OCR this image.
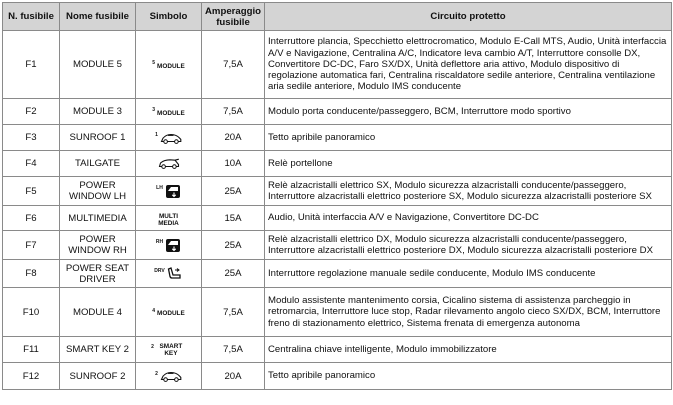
N. fusibile	Nome fusibile	Simbolo	Amperaggio fusibile	Circuito protetto
F1	MODULE 5	5 MODULE	7,5A	Interruttore plancia, Specchietto elettrocromatico, Modulo E-Call MTS, Audio, Unità interfaccia A/V e Navigazione, Centralina A/C, Indicatore leva cambio A/T, Interruttore consolle DX, Convertitore DC-DC, Faro SX/DX, Unità deflettore aria attivo, Modulo dispositivo di regolazione automatica fari, Centralina riscaldatore sedile anteriore, Centralina ventilazione aria sedile anteriore, Modulo IMS conducente
F2	MODULE 3	3 MODULE	7,5A	Modulo porta conducente/passeggero, BCM, Interruttore modo sportivo
F3	SUNROOF 1	1	20A	Tetto apribile panoramico
F4	TAILGATE		10A	Relè portellone
F5	POWER WINDOW LH	LH	25A	Relè alzacristalli elettrico SX, Modulo sicurezza alzacristalli conducente/passeggero, Interruttore alzacristalli elettrico posteriore SX, Modulo sicurezza alzacristalli posteriore SX
F6	MULTIMEDIA	MULTI MEDIA	15A	Audio, Unità interfaccia A/V e Navigazione, Convertitore DC-DC
F7	POWER WINDOW RH	RH	25A	Relè alzacristalli elettrico DX, Modulo sicurezza alzacristalli conducente/passeggero, Interruttore alzacristalli elettrico posteriore DX, Modulo sicurezza alzacristalli posteriore DX
F8	POWER SEAT DRIVER	DRV	25A	Interruttore regolazione manuale sedile conducente, Modulo IMS conducente
F10	MODULE 4	4 MODULE	7,5A	Modulo assistente mantenimento corsia, Cicalino sistema di assistenza parcheggio in retromarcia, Interruttore luce stop, Radar rilevamento angolo cieco SX/DX, BCM, Interruttore freno di stazionamento elettrico, Sistema frenata di emergenza autonoma
F11	SMART KEY 2	2 SMART KEY	7,5A	Centralina chiave intelligente, Modulo immobilizzatore
F12	SUNROOF 2	2	20A	Tetto apribile panoramico
